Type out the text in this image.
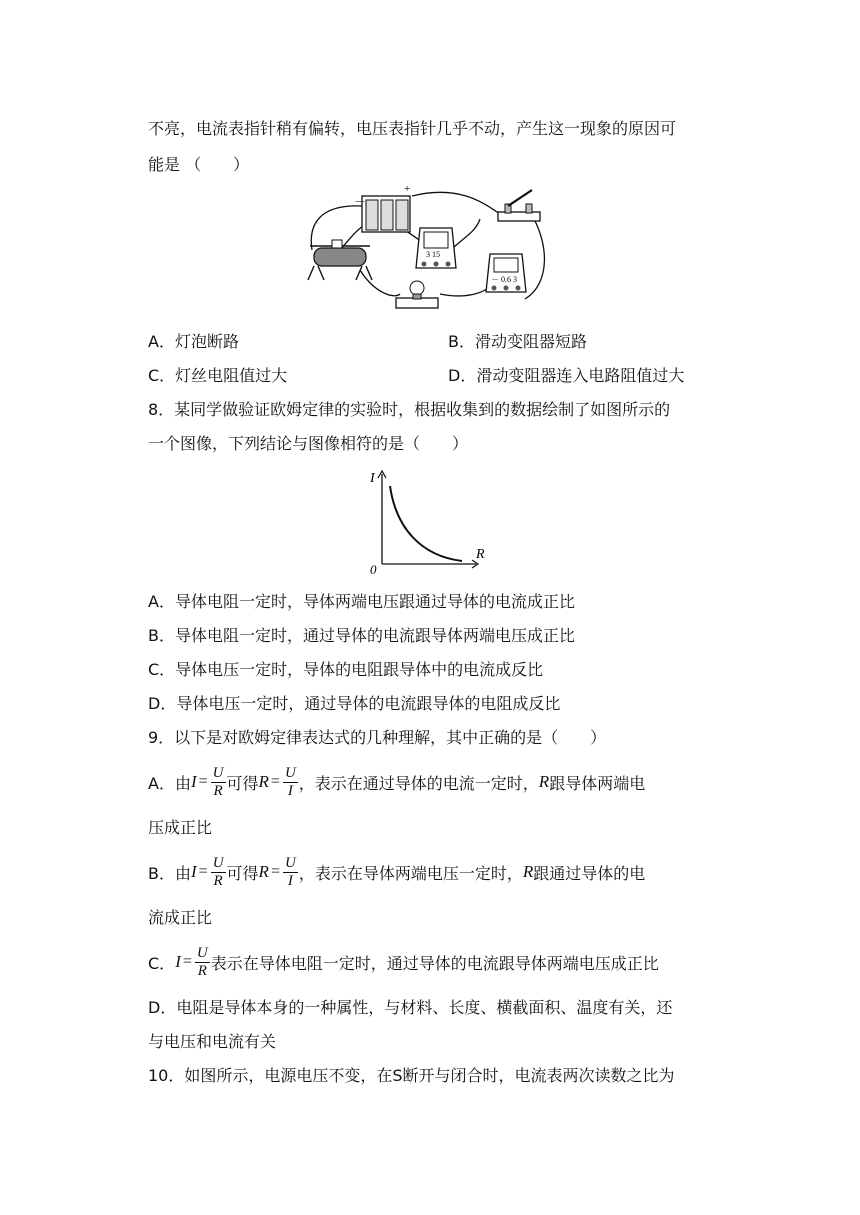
不亮，电流表指针稍有偏转，电压表指针几乎不动，产生这一现象的原因可
能是 （　　）
－
+
3 15
－ 0.6 3
A．灯泡断路	B．滑动变阻器短路
C．灯丝电阻值过大	D．滑动变阻器连入电路阻值过大
8．某同学做验证欧姆定律的实验时，根据收集到的数据绘制了如图所示的
一个图像，下列结论与图像相符的是（　　）
I
R
0
A．导体电阻一定时，导体两端电压跟通过导体的电流成正比
B．导体电阻一定时，通过导体的电流跟导体两端电压成正比
C．导体电压一定时，导体的电阻跟导体中的电流成反比
D．导体电压一定时，通过导体的电流跟导体的电阻成反比
9．以下是对欧姆定律表达式的几种理解，其中正确的是（　　）
A．由 $I = \frac{U}{R}$ 可得 $R = \frac{U}{I}$ ，表示在通过导体的电流一定时， R 跟导体两端电
压成正比
B．由 $I = \frac{U}{R}$ 可得 $R = \frac{U}{I}$ ，表示在导体两端电压一定时， R 跟通过导体的电
流成正比
C． $I = \frac{U}{R}$ 表示在导体电阻一定时，通过导体的电流跟导体两端电压成正比
D．电阻是导体本身的一种属性，与材料、长度、横截面积、温度有关，还
与电压和电流有关
10．如图所示，电源电压不变，在S断开与闭合时，电流表两次读数之比为
